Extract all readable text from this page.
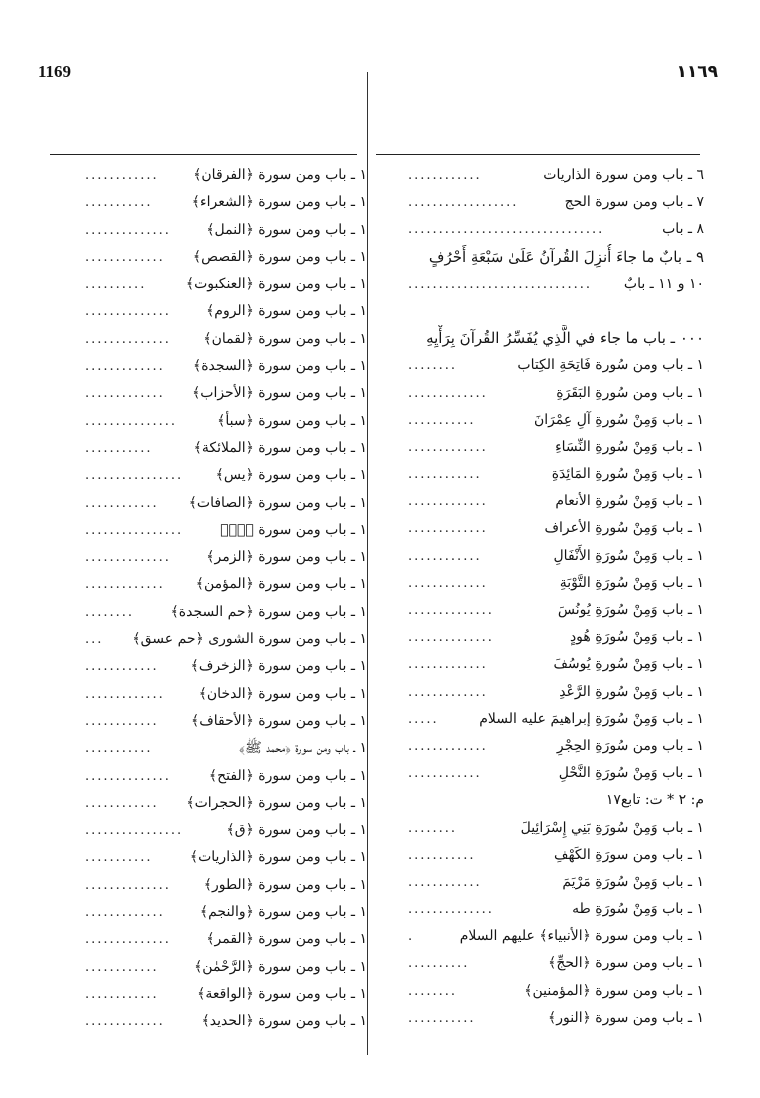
1169	١١٦٩
١ ـ باب ومن سورة ﴿الفرقان﴾
............
١ ـ باب ومن سورة ﴿الشعراء﴾
...........
١ ـ باب ومن سورة ﴿النمل﴾
..............
١ ـ باب ومن سورة ﴿القصص﴾
.............
١ ـ باب ومن سورة ﴿العنكبوت﴾
..........
١ ـ باب ومن سورة ﴿الروم﴾
..............
١ ـ باب ومن سورة ﴿لقمان﴾
..............
١ ـ باب ومن سورة ﴿السجدة﴾
.............
١ ـ باب ومن سورة ﴿الأحزاب﴾
.............
١ ـ باب ومن سورة ﴿سبأ﴾
...............
١ ـ باب ومن سورة ﴿الملائكة﴾
...........
١ ـ باب ومن سورة ﴿يس﴾
................
١ ـ باب ومن سورة ﴿الصافات﴾
............
١ ـ باب ومن سورة ﴿صۤ﴾
................
١ ـ باب ومن سورة ﴿الزمر﴾
..............
١ ـ باب ومن سورة ﴿المؤمن﴾
.............
١ ـ باب ومن سورة ﴿حم السجدة﴾
........
١ ـ باب ومن سورة الشورى ﴿حم عسق﴾
...
١ ـ باب ومن سورة ﴿الزخرف﴾
............
١ ـ باب ومن سورة ﴿الدخان﴾
.............
١ ـ باب ومن سورة ﴿الأحقاف﴾
............
١ ـ باب ومن سورة ﴿محمد ﷺ﴾
...........
١ ـ باب ومن سورة ﴿الفتح﴾
..............
١ ـ باب ومن سورة ﴿الحجرات﴾
............
١ ـ باب ومن سورة ﴿ق﴾
................
١ ـ باب ومن سورة ﴿الذاريات﴾
...........
١ ـ باب ومن سورة ﴿الطور﴾
..............
١ ـ باب ومن سورة ﴿والنجم﴾
.............
١ ـ باب ومن سورة ﴿القمر﴾
..............
١ ـ باب ومن سورة ﴿الرَّحْمٰن﴾
............
١ ـ باب ومن سورة ﴿الواقعة﴾
............
١ ـ باب ومن سورة ﴿الحديد﴾
.............
٦ ـ باب ومن سورة الذاريات
............
٧ ـ باب ومن سورة الحج
..................
٨ ـ باب
................................
٩ ـ بابٌ ما جاءَ أُنزِلَ القُرآنُ عَلَىٰ سَبْعَةِ أَحْرُفٍ
١٠ و ١١ ـ بابٌ
..............................
٠٠٠ ـ باب ما جاء في الَّذِي يُفَسِّرُ القُرآنَ بِرَأْيِهِ
١ ـ باب ومن سُورة فَاتِحَةِ الكِتاب
........
١ ـ باب ومن سُورةِ البَقَرَةِ
.............
١ ـ باب وَمِنْ سُورةِ آلِ عِمْرَانَ
...........
١ ـ باب وَمِنْ سُورةِ النِّسَاءِ
.............
١ ـ باب وَمِنْ سُورةِ المَائِدَةِ
............
١ ـ باب وَمِنْ سُورةِ الأنعام
.............
١ ـ باب وَمِنْ سُورةِ الأعراف
.............
١ ـ باب وَمِنْ سُورَةِ الأَنْفَالِ
............
١ ـ باب وَمِنْ سُورَةِ التَّوْبَةِ
.............
١ ـ باب وَمِنْ سُورَةِ يُونُسَ
..............
١ ـ باب وَمِنْ سُورَةِ هُودٍ
..............
١ ـ باب وَمِنْ سُورةِ يُوسُفَ
.............
١ ـ باب وَمِنْ سُورةِ الرَّعْدِ
.............
١ ـ باب وَمِنْ سُورَةِ إبراهيمَ عليه السلام
.....
١ ـ باب ومن سُورَةِ الحِجْرِ
.............
١ ـ باب وَمِنْ سُورَةِ النَّحْلِ
............
م: ٢ * ت: تابع١٧
١ ـ باب وَمِنْ سُورَةِ بَنِي إِسْرَائِيلَ
........
١ ـ باب ومن سورَةِ الكَهْفِ
...........
١ ـ باب وَمِنْ سُورَةِ مَرْيَمَ
............
١ ـ باب وَمِنْ سُورَةِ طه
..............
١ ـ باب ومن سورة ﴿الأنبياء﴾ عليهم السلام
.
١ ـ باب ومن سورة ﴿الحجِّ﴾
..........
١ ـ باب ومن سورة ﴿المؤمنين﴾
........
١ ـ باب ومن سورة ﴿النور﴾
...........
